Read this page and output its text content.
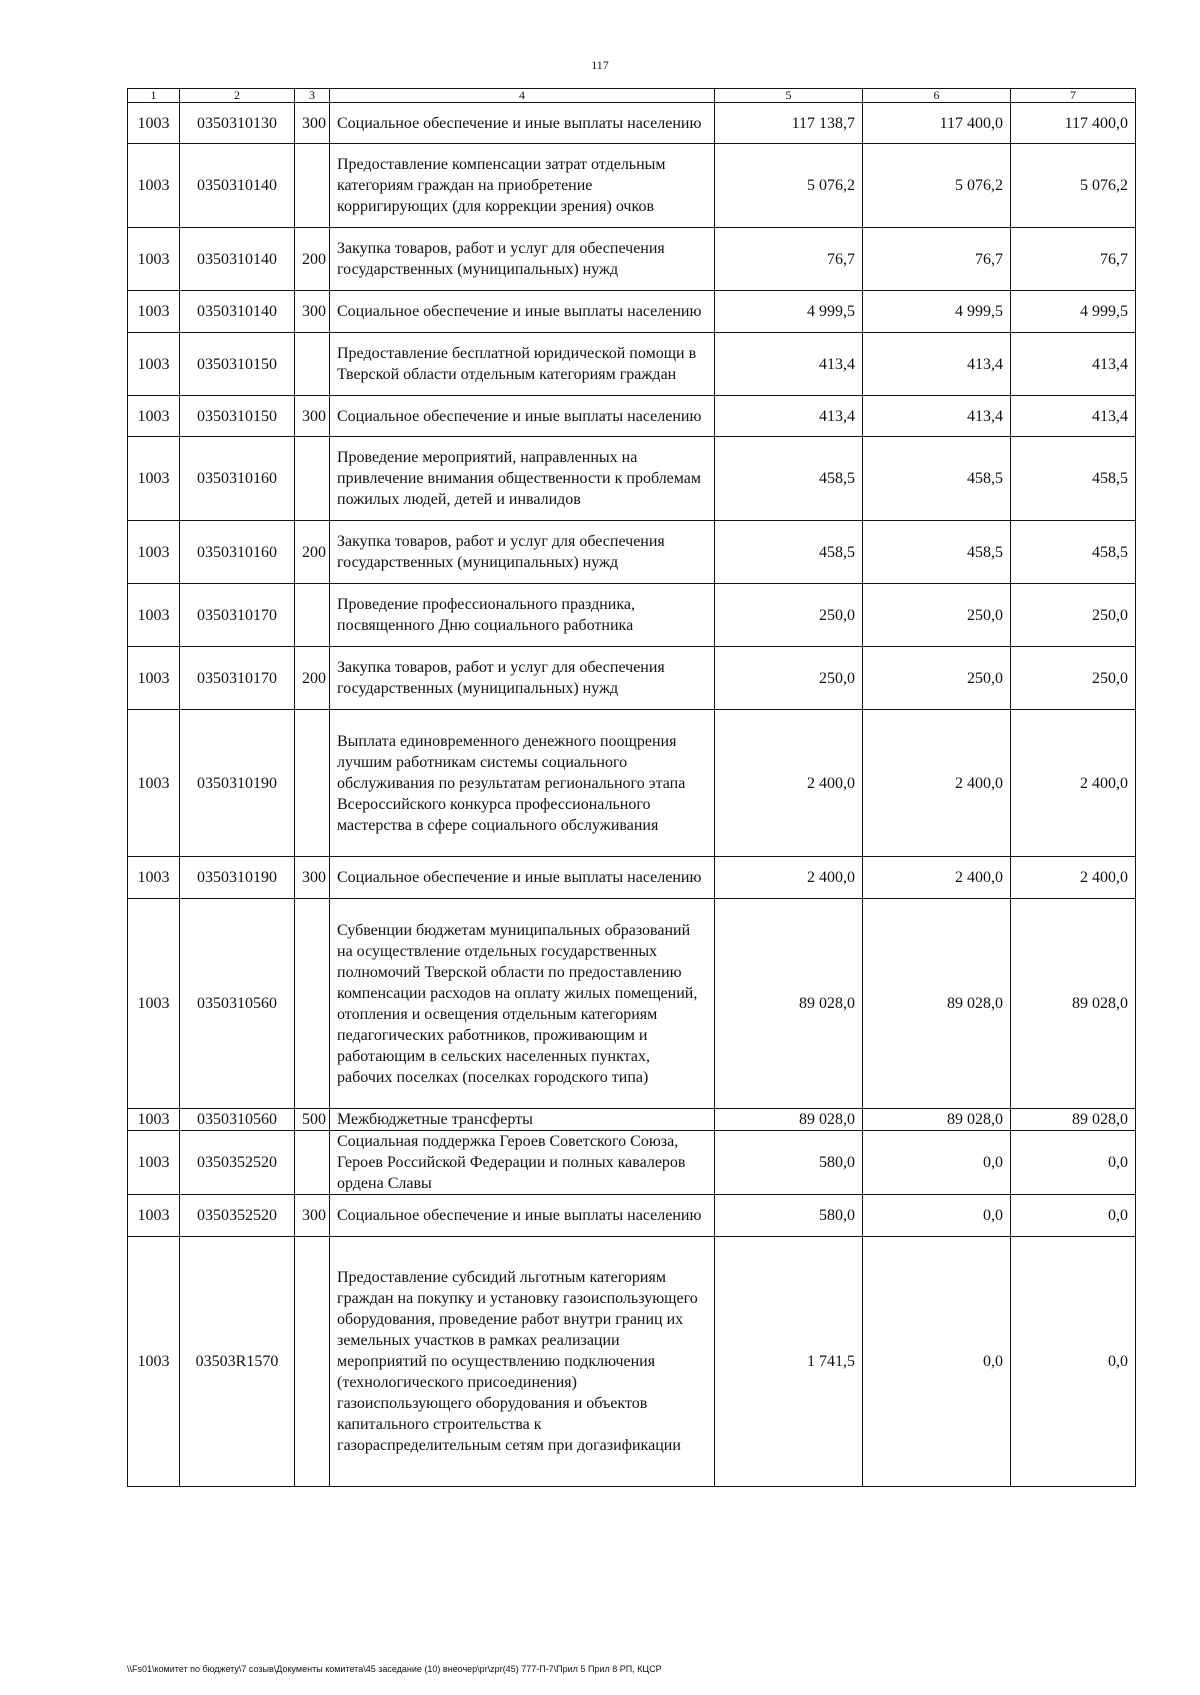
117
1	2	3	4	5	6	7
1003	0350310130	300	Социальное обеспечение и иные выплаты населению	117 138,7	117 400,0	117 400,0
1003	0350310140		Предоставление компенсации затрат отдельным категориям граждан на приобретение корригирующих (для коррекции зрения) очков	5 076,2	5 076,2	5 076,2
1003	0350310140	200	Закупка товаров, работ и услуг для обеспечения государственных (муниципальных) нужд	76,7	76,7	76,7
1003	0350310140	300	Социальное обеспечение и иные выплаты населению	4 999,5	4 999,5	4 999,5
1003	0350310150		Предоставление бесплатной юридической помощи в Тверской области отдельным категориям граждан	413,4	413,4	413,4
1003	0350310150	300	Социальное обеспечение и иные выплаты населению	413,4	413,4	413,4
1003	0350310160		Проведение мероприятий, направленных на привлечение внимания общественности к проблемам пожилых людей, детей и инвалидов	458,5	458,5	458,5
1003	0350310160	200	Закупка товаров, работ и услуг для обеспечения государственных (муниципальных) нужд	458,5	458,5	458,5
1003	0350310170		Проведение профессионального праздника, посвященного Дню социального работника	250,0	250,0	250,0
1003	0350310170	200	Закупка товаров, работ и услуг для обеспечения государственных (муниципальных) нужд	250,0	250,0	250,0
1003	0350310190		Выплата единовременного денежного поощрения лучшим работникам системы социального обслуживания по результатам регионального этапа Всероссийского конкурса профессионального мастерства в сфере социального обслуживания	2 400,0	2 400,0	2 400,0
1003	0350310190	300	Социальное обеспечение и иные выплаты населению	2 400,0	2 400,0	2 400,0
1003	0350310560		Субвенции бюджетам муниципальных образований на осуществление отдельных государственных полномочий Тверской области по предоставлению компенсации расходов на оплату жилых помещений, отопления и освещения отдельным категориям педагогических работников, проживающим и работающим в сельских населенных пунктах, рабочих поселках (поселках городского типа)	89 028,0	89 028,0	89 028,0
1003	0350310560	500	Межбюджетные трансферты	89 028,0	89 028,0	89 028,0
1003	0350352520		Социальная поддержка Героев Советского Союза, Героев Российской Федерации и полных кавалеров ордена Славы	580,0	0,0	0,0
1003	0350352520	300	Социальное обеспечение и иные выплаты населению	580,0	0,0	0,0
1003	03503R1570		Предоставление субсидий льготным категориям граждан на покупку и установку газоиспользующего оборудования, проведение работ внутри границ их земельных участков в рамках реализации мероприятий по осуществлению подключения (технологического присоединения) газоиспользующего оборудования и объектов капитального строительства к газораспределительным сетям при догазификации	1 741,5	0,0	0,0
\\Fs01\комитет по бюджету\7 созыв\Документы комитета\45 заседание (10) внеочер\pr\zpr(45) 777-П-7\Прил 5 Прил 8 РП, КЦСР
